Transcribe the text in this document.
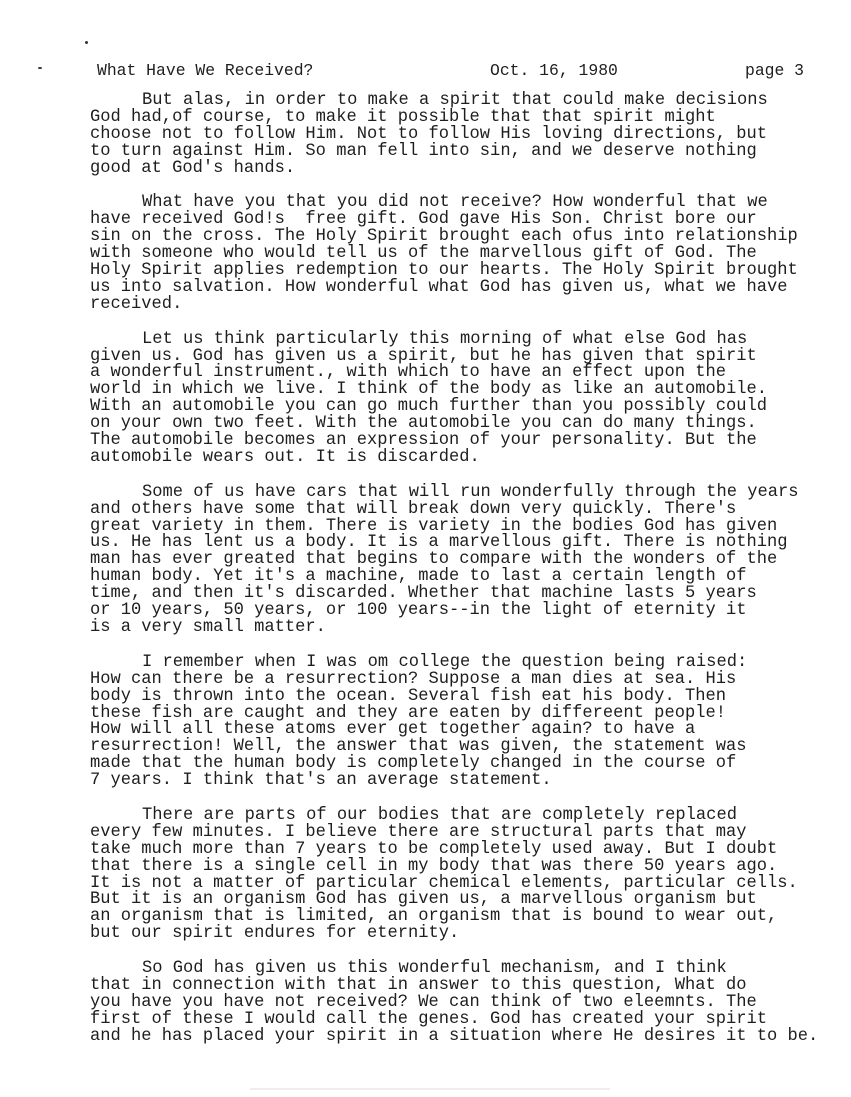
What Have We Received?	Oct. 16, 1980	page 3
But alas, in order to make a spirit that could make decisions
God had,of course, to make it possible that that spirit might
choose not to follow Him. Not to follow His loving directions, but
to turn against Him. So man fell into sin, and we deserve nothing
good at God's hands.
What have you that you did not receive? How wonderful that we
have received God!s  free gift. God gave His Son. Christ bore our
sin on the cross. The Holy Spirit brought each ofus into relationship
with someone who would tell us of the marvellous gift of God. The
Holy Spirit applies redemption to our hearts. The Holy Spirit brought
us into salvation. How wonderful what God has given us, what we have
received.
Let us think particularly this morning of what else God has
given us. God has given us a spirit, but he has given that spirit
a wonderful instrument., with which to have an effect upon the
world in which we live. I think of the body as like an automobile.
With an automobile you can go much further than you possibly could
on your own two feet. With the automobile you can do many things.
The automobile becomes an expression of your personality. But the
automobile wears out. It is discarded.
Some of us have cars that will run wonderfully through the years
and others have some that will break down very quickly. There's
great variety in them. There is variety in the bodies God has given
us. He has lent us a body. It is a marvellous gift. There is nothing
man has ever greated that begins to compare with the wonders of the
human body. Yet it's a machine, made to last a certain length of
time, and then it's discarded. Whether that machine lasts 5 years
or 10 years, 50 years, or 100 years--in the light of eternity it
is a very small matter.
I remember when I was om college the question being raised:
How can there be a resurrection? Suppose a man dies at sea. His
body is thrown into the ocean. Several fish eat his body. Then
these fish are caught and they are eaten by differeent people!
How will all these atoms ever get together again? to have a
resurrection! Well, the answer that was given, the statement was
made that the human body is completely changed in the course of
7 years. I think that's an average statement.
There are parts of our bodies that are completely replaced
every few minutes. I believe there are structural parts that may
take much more than 7 years to be completely used away. But I doubt
that there is a single cell in my body that was there 50 years ago.
It is not a matter of particular chemical elements, particular cells.
But it is an organism God has given us, a marvellous organism but
an organism that is limited, an organism that is bound to wear out,
but our spirit endures for eternity.
So God has given us this wonderful mechanism, and I think
that in connection with that in answer to this question, What do
you have you have not received? We can think of two eleemnts. The
first of these I would call the genes. God has created your spirit
and he has placed your spirit in a situation where He desires it to be.
